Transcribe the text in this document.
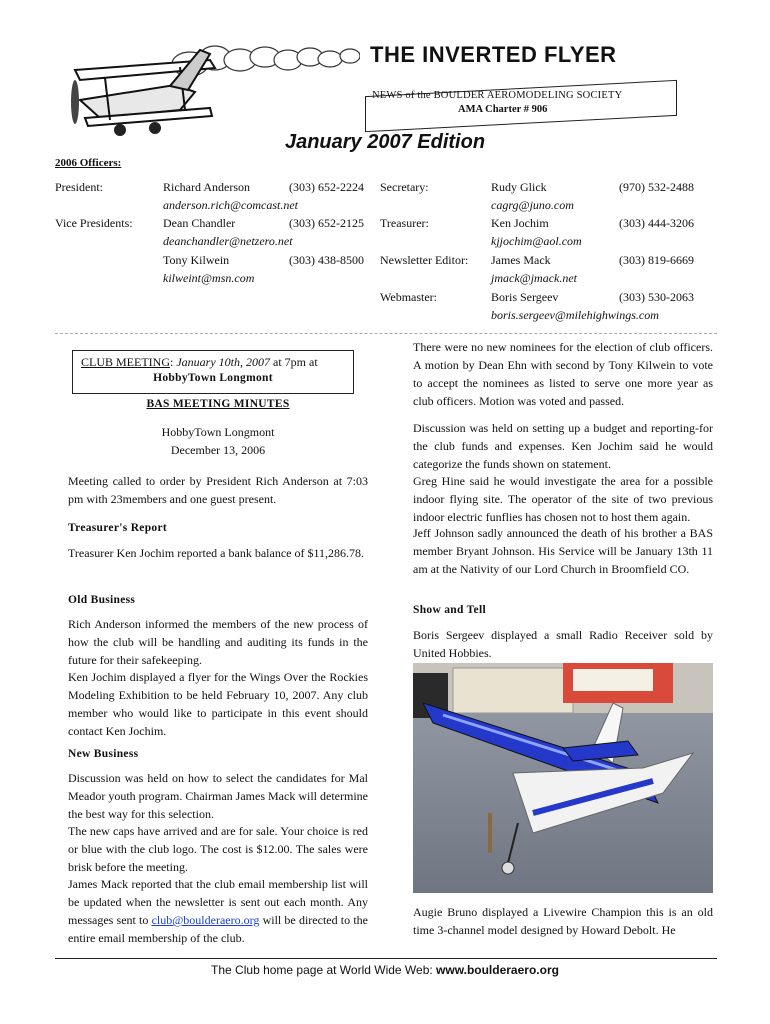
THE INVERTED FLYER
NEWS of the BOULDER AEROMODELING SOCIETY
AMA Charter # 906
January 2007 Edition
2006 Officers:
President:	Richard Anderson	(303) 652-2224
anderson.rich@comcast.net
Vice Presidents:	Dean Chandler	(303) 652-2125
deanchandler@netzero.net
Tony Kilwein	(303) 438-8500
kilweint@msn.com
Secretary:	Rudy Glick	(970) 532-2488
cagrg@juno.com
Treasurer:	Ken Jochim	(303) 444-3206
kjjochim@aol.com
Newsletter Editor: James Mack	(303) 819-6669
jmack@jmack.net
Webmaster:	Boris Sergeev	(303) 530-2063
boris.sergeev@milehighwings.com
CLUB MEETING: January 10th, 2007 at 7pm at
HobbyTown Longmont
BAS MEETING MINUTES
HobbyTown Longmont
December 13, 2006
Meeting called to order by President Rich Anderson at 7:03 pm with 23members and one guest present.
Treasurer's Report
Treasurer Ken Jochim reported a bank balance of $11,286.78.
Old Business
Rich Anderson informed the members of the new process of how the club will be handling and auditing its funds in the future for their safekeeping.
Ken Jochim displayed a flyer for the Wings Over the Rockies Modeling Exhibition to be held February 10, 2007. Any club member who would like to participate in this event should contact Ken Jochim.
New Business
Discussion was held on how to select the candidates for Mal Meador youth program. Chairman James Mack will determine the best way for this selection.
The new caps have arrived and are for sale. Your choice is red or blue with the club logo. The cost is $12.00. The sales were brisk before the meeting.
James Mack reported that the club email membership list will be updated when the newsletter is sent out each month. Any messages sent to club@boulderaero.org will be directed to the entire email membership of the club.
There were no new nominees for the election of club officers. A motion by Dean Ehn with second by Tony Kilwein to vote to accept the nominees as listed to serve one more year as club officers. Motion was voted and passed.
Discussion was held on setting up a budget and reporting-for the club funds and expenses. Ken Jochim said he would categorize the funds shown on statement.
Greg Hine said he would investigate the area for a possible indoor flying site. The operator of the site of two previous indoor electric funflies has chosen not to host them again.
Jeff Johnson sadly announced the death of his brother a BAS member Bryant Johnson. His Service will be January 13th 11 am at the Nativity of our Lord Church in Broomfield CO.
Show and Tell
Boris Sergeev displayed a small Radio Receiver sold by United Hobbies.
Augie Bruno displayed a Livewire Champion this is an old time 3-channel model designed by Howard Debolt. He
The Club home page at World Wide Web: www.boulderaero.org
